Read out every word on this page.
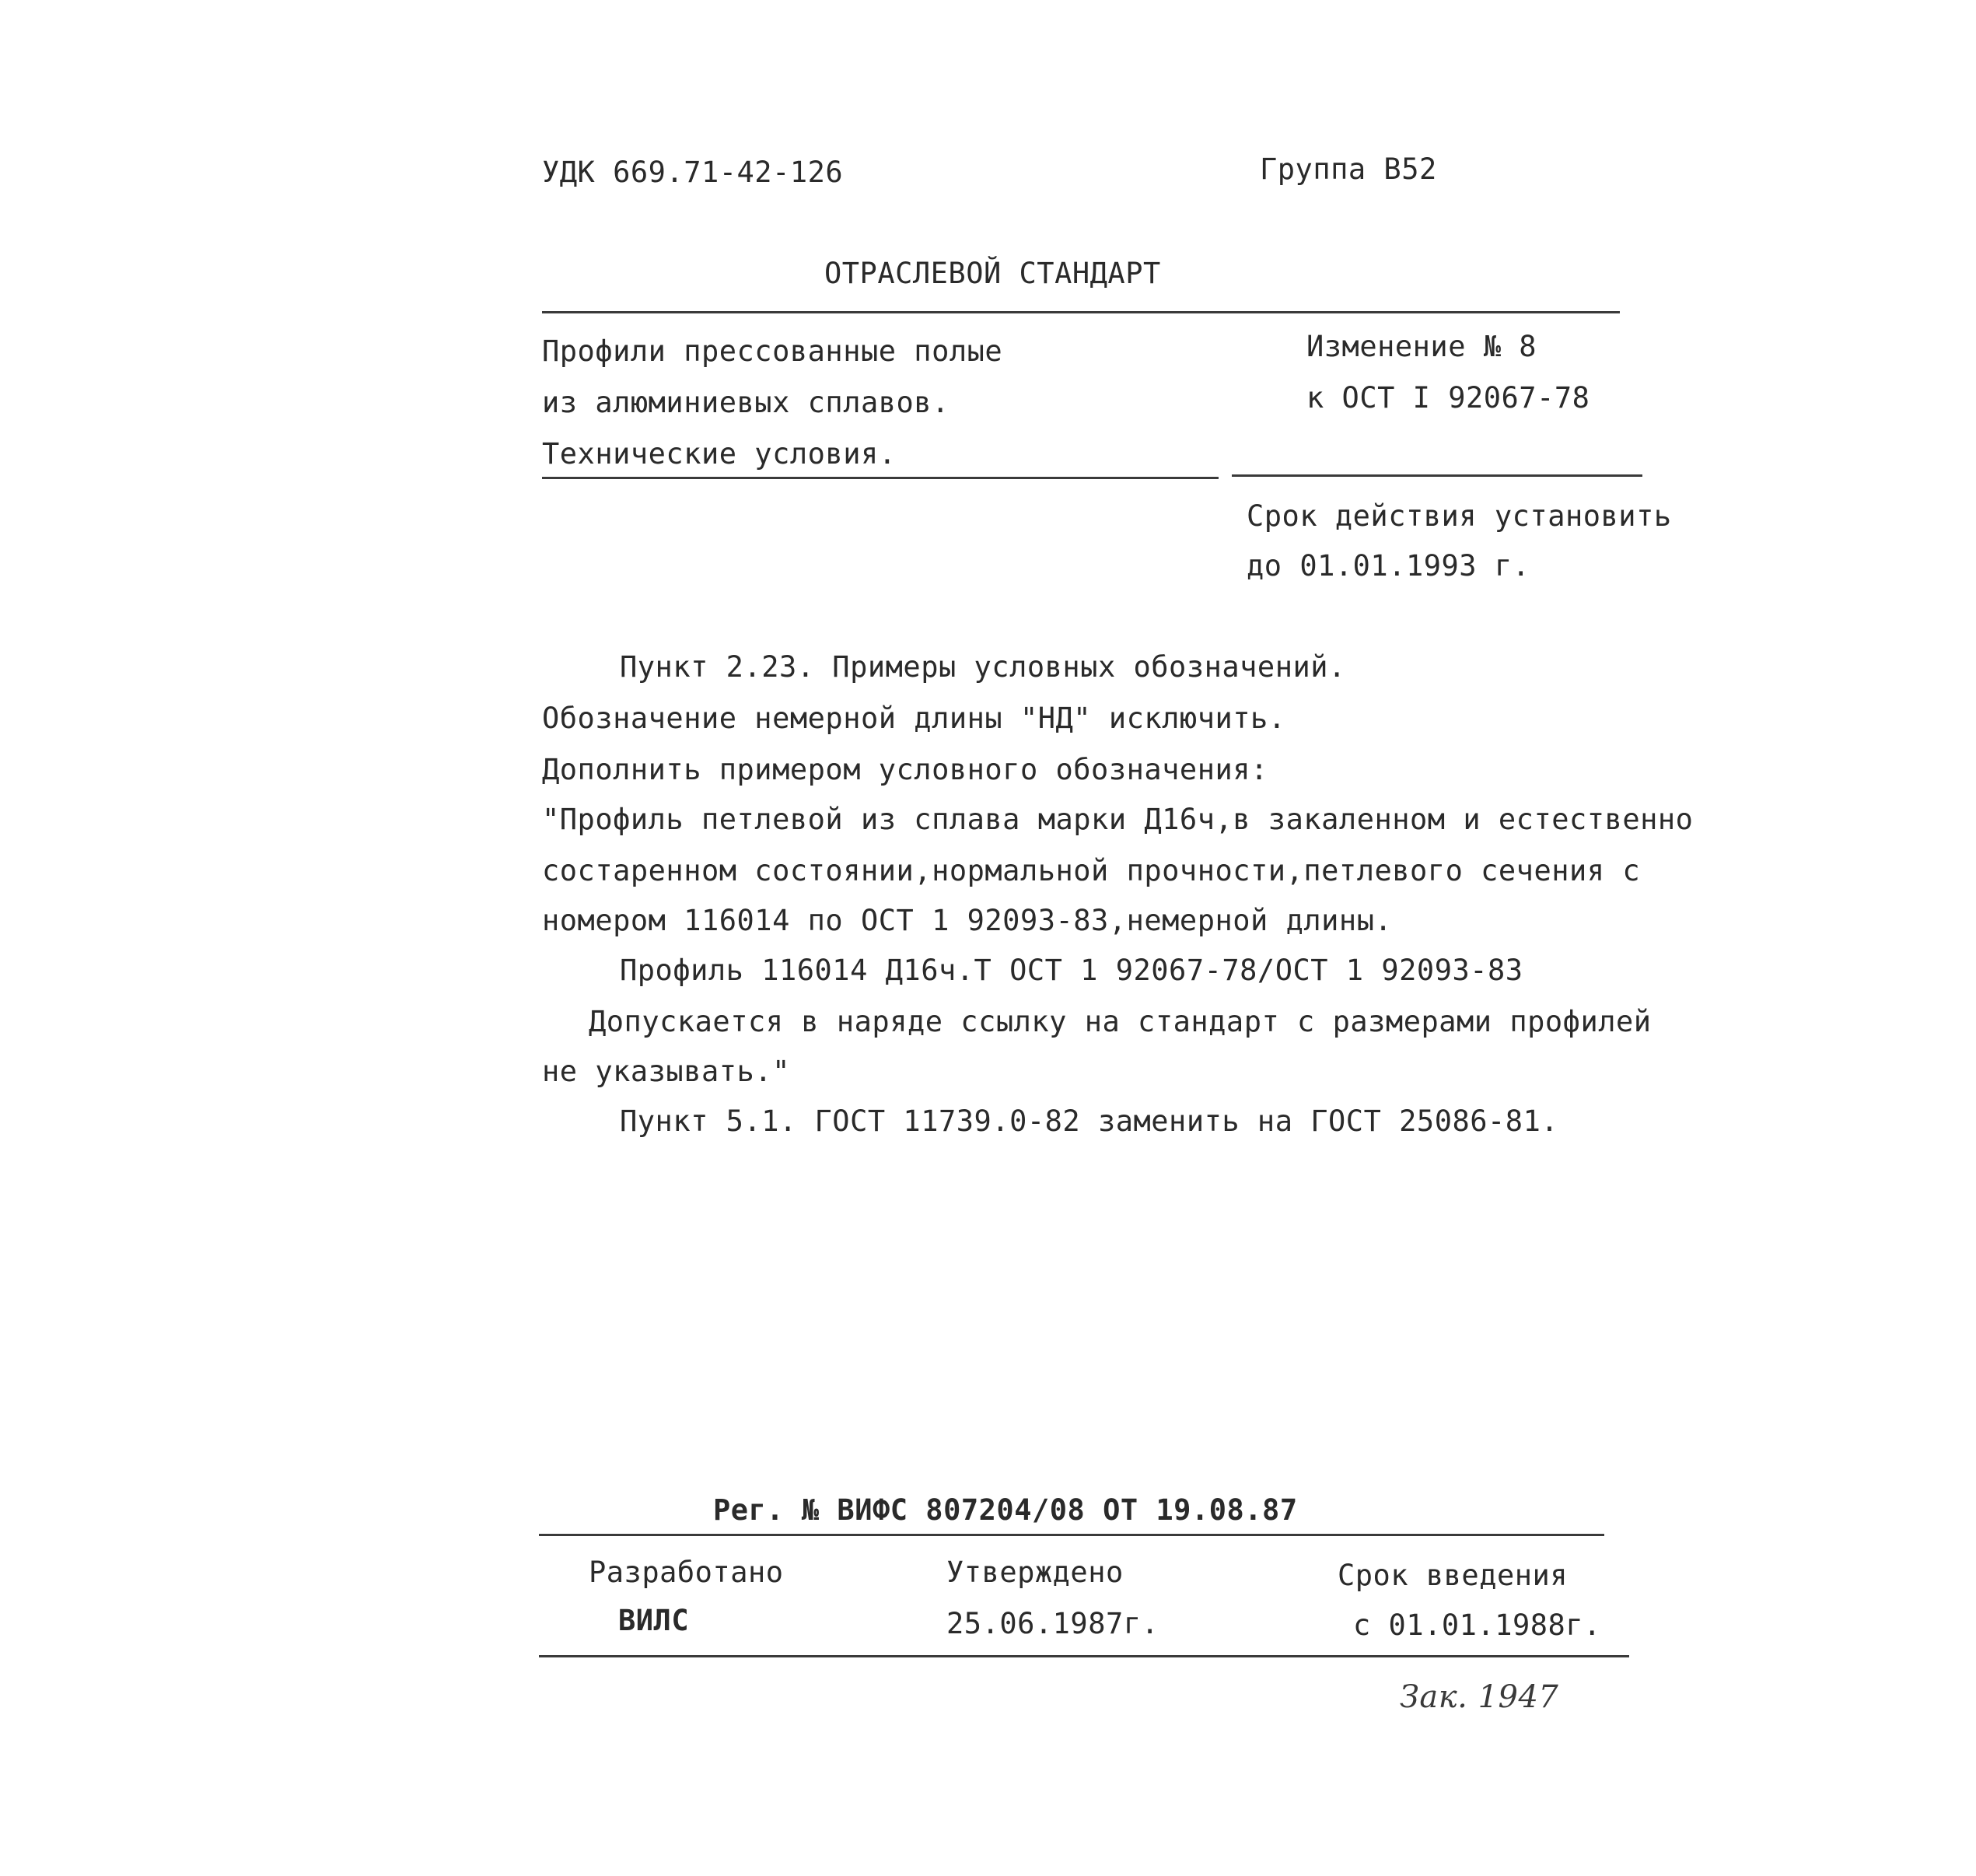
УДК 669.71-42-126	Группа В52
ОТРАСЛЕВОЙ СТАНДАРТ
Профили прессованные полые
из алюминиевых сплавов.
Технические условия.
Изменение № 8
к ОСТ I 92067-78
Срок действия установить
до 01.01.1993 г.
Пункт 2.23. Примеры условных обозначений.
Обозначение немерной длины "НД" исключить.
Дополнить примером условного обозначения:
"Профиль петлевой из сплава марки Д16ч,в закаленном и естественно
состаренном состоянии,нормальной прочности,петлевого сечения с
номером 116014 по ОСТ 1 92093-83,немерной длины.
Профиль 116014 Д16ч.Т ОСТ 1 92067-78/ОСТ 1 92093-83
Допускается в наряде ссылку на стандарт с размерами профилей
не указывать."
Пункт 5.1. ГОСТ 11739.0-82 заменить на ГОСТ 25086-81.
Рег. № ВИФС 807204/08 ОТ 19.08.87
Разработано
ВИЛС
Утверждено
25.06.1987г.
Срок введения
с 01.01.1988г.
Зак. 1947
